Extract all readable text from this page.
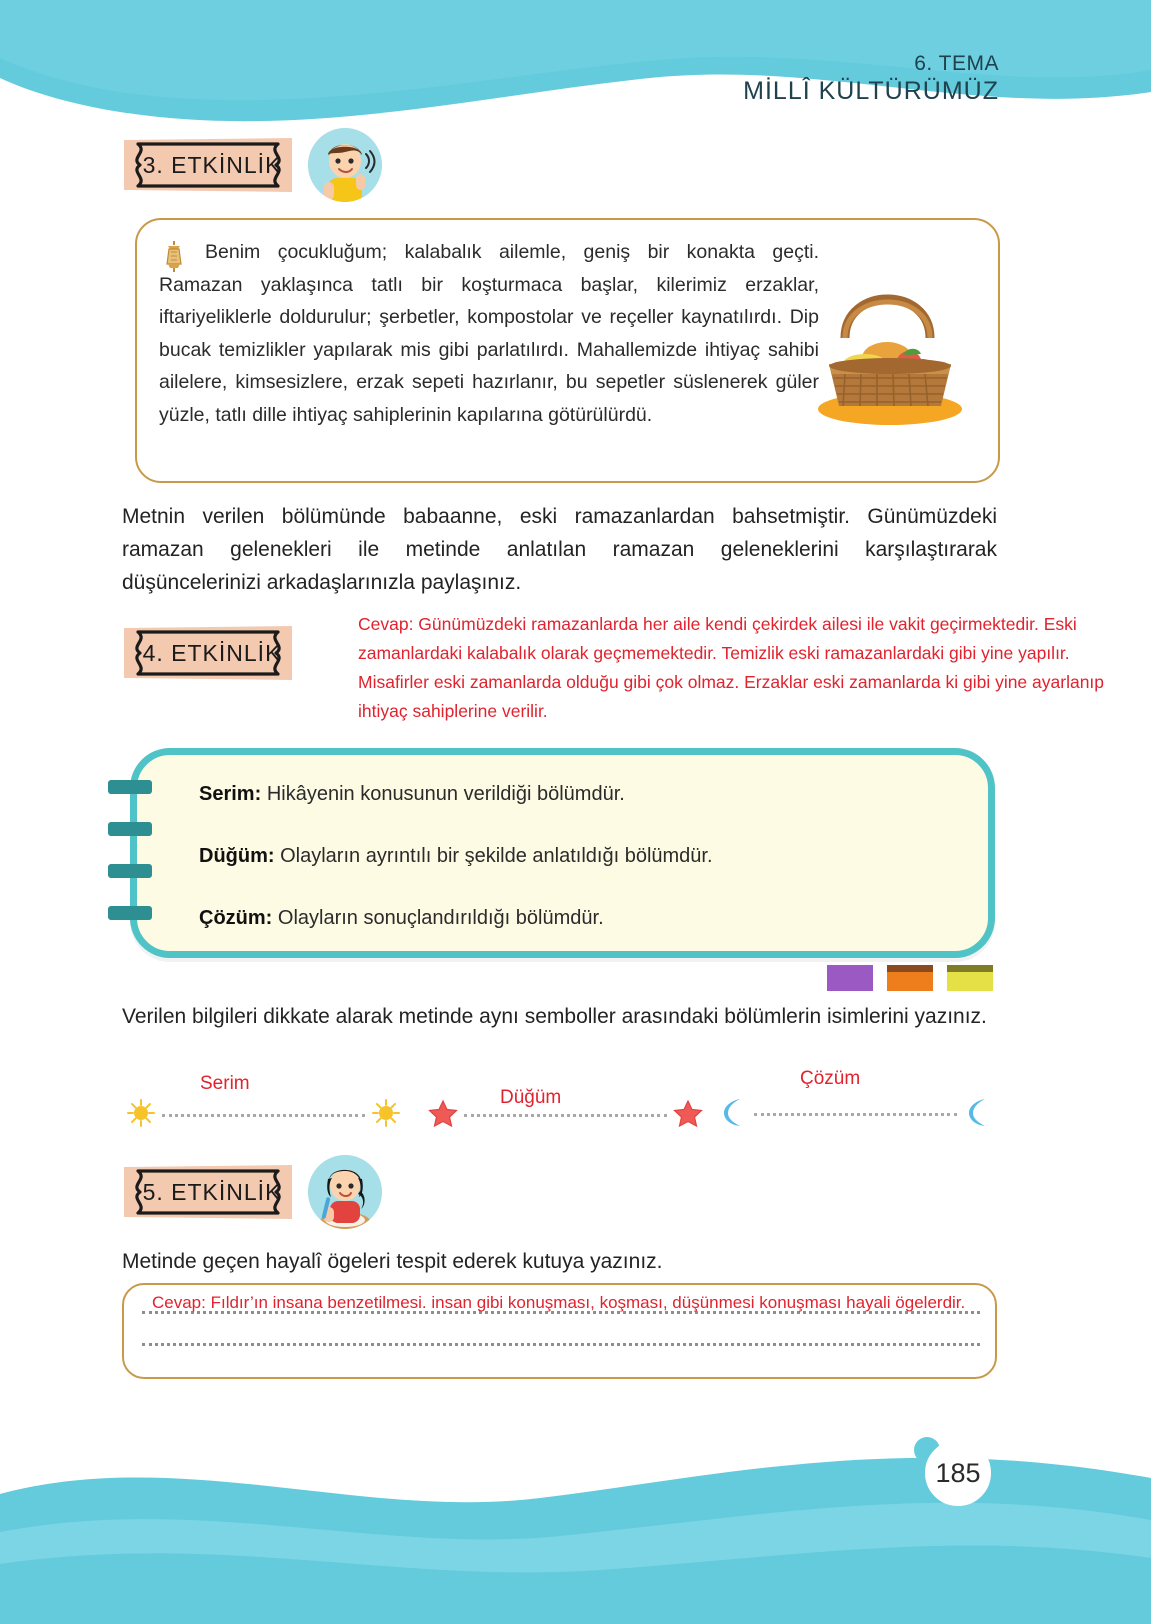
6. TEMA
MİLLÎ KÜLTÜRÜMÜZ
3. ETKİNLİK
Benim çocukluğum; kalabalık ailemle, geniş bir konakta geçti. Ramazan yaklaşınca tatlı bir koşturmaca başlar, kilerimiz erzaklar, iftariyeliklerle doldurulur; şerbetler, kompostolar ve reçeller kaynatılırdı. Dip bucak temizlikler yapılarak mis gibi parlatılırdı. Mahallemizde ihtiyaç sahibi ailelere, kimsesizlere, erzak sepeti hazırlanır, bu sepetler süslenerek güler yüzle, tatlı dille ihtiyaç sahiplerinin kapılarına götürülürdü.
Metnin verilen bölümünde babaanne, eski ramazanlardan bahsetmiştir. Günümüzdeki ramazan gelenekleri ile metinde anlatılan ramazan geleneklerini karşılaştırarak düşüncelerinizi arkadaşlarınızla paylaşınız.
4. ETKİNLİK
Cevap: Günümüzdeki ramazanlarda her aile kendi çekirdek ailesi ile vakit geçirmektedir. Eski zamanlardaki kalabalık olarak geçmemektedir. Temizlik eski ramazanlardaki gibi yine yapılır. Misafirler eski zamanlarda olduğu gibi çok olmaz. Erzaklar eski zamanlarda ki gibi yine ayarlanıp ihtiyaç sahiplerine verilir.
Serim: Hikâyenin konusunun verildiği bölümdür.
Düğüm: Olayların ayrıntılı bir şekilde anlatıldığı bölümdür.
Çözüm: Olayların sonuçlandırıldığı bölümdür.
Verilen bilgileri dikkate alarak metinde aynı semboller arasındaki bölümlerin isimlerini yazınız.
Serim
Düğüm
Çözüm
5. ETKİNLİK
Metinde geçen hayalî ögeleri tespit ederek kutuya yazınız.
Cevap: Fıldır’ın insana benzetilmesi. insan gibi konuşması, koşması, düşünmesi konuşması hayali ögelerdir.
185
